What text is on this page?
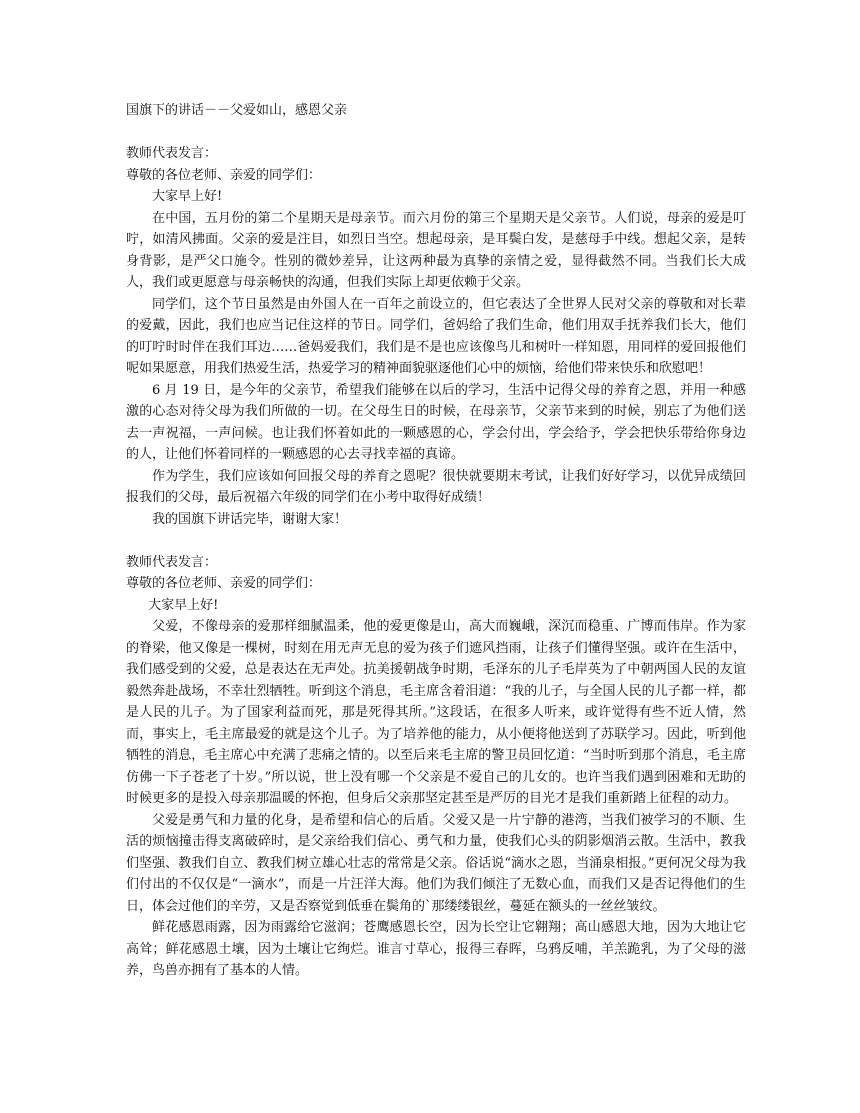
国旗下的讲话－－父爱如山，感恩父亲
教师代表发言：
尊敬的各位老师、亲爱的同学们：

大家早上好!

在中国，五月份的第二个星期天是母亲节。而六月份的第三个星期天是父亲节。人们说，母亲的爱是叮咛，如清风拂面。父亲的爱是注目，如烈日当空。想起母亲，是耳鬓白发，是慈母手中线。想起父亲，是转身背影，是严父口施令。性别的微妙差异，让这两种最为真挚的亲情之爱，显得截然不同。当我们长大成人，我们或更愿意与母亲畅快的沟通，但我们实际上却更依赖于父亲。

同学们，这个节日虽然是由外国人在一百年之前设立的，但它表达了全世界人民对父亲的尊敬和对长辈的爱戴，因此，我们也应当记住这样的节日。同学们，爸妈给了我们生命，他们用双手抚养我们长大，他们的叮咛时时伴在我们耳边……爸妈爱我们，我们是不是也应该像鸟儿和树叶一样知恩，用同样的爱回报他们呢如果愿意，用我们热爱生活，热爱学习的精神面貌驱逐他们心中的烦恼，给他们带来快乐和欣慰吧！

6 月 19 日，是今年的父亲节，希望我们能够在以后的学习，生活中记得父母的养育之恩，并用一种感激的心态对待父母为我们所做的一切。在父母生日的时候，在母亲节，父亲节来到的时候，别忘了为他们送去一声祝福，一声问候。也让我们怀着如此的一颗感恩的心，学会付出，学会给予，学会把快乐带给你身边的人，让他们怀着同样的一颗感恩的心去寻找幸福的真谛。

作为学生，我们应该如何回报父母的养育之恩呢？很快就要期末考试，让我们好好学习，以优异成绩回报我们的父母，最后祝福六年级的同学们在小考中取得好成绩！

我的国旗下讲话完毕，谢谢大家！

教师代表发言：
尊敬的各位老师、亲爱的同学们：

大家早上好!

父爱，不像母亲的爱那样细腻温柔，他的爱更像是山，高大而巍峨，深沉而稳重、广博而伟岸。作为家的脊梁，他又像是一棵树，时刻在用无声无息的爱为孩子们遮风挡雨，让孩子们懂得坚强。或许在生活中，我们感受到的父爱，总是表达在无声处。抗美援朝战争时期，毛泽东的儿子毛岸英为了中朝两国人民的友谊毅然奔赴战场，不幸壮烈牺牲。听到这个消息，毛主席含着泪道：“我的儿子，与全国人民的儿子都一样，都是人民的儿子。为了国家利益而死，那是死得其所。”这段话，在很多人听来，或许觉得有些不近人情，然而，事实上，毛主席最爱的就是这个儿子。为了培养他的能力，从小便将他送到了苏联学习。因此，听到他牺牲的消息，毛主席心中充满了悲痛之情的。以至后来毛主席的警卫员回忆道：“当时听到那个消息，毛主席仿佛一下子苍老了十岁。”所以说，世上没有哪一个父亲是不爱自己的儿女的。也许当我们遇到困难和无助的时候更多的是投入母亲那温暖的怀抱，但身后父亲那坚定甚至是严厉的目光才是我们重新踏上征程的动力。

父爱是勇气和力量的化身，是希望和信心的后盾。父爱又是一片宁静的港湾，当我们被学习的不顺、生活的烦恼撞击得支离破碎时，是父亲给我们信心、勇气和力量，使我们心头的阴影烟消云散。生活中，教我们坚强、教我们自立、教我们树立雄心壮志的常常是父亲。俗话说“滴水之恩，当涌泉相报。”更何况父母为我们付出的不仅仅是“一滴水”，而是一片汪洋大海。他们为我们倾注了无数心血，而我们又是否记得他们的生日，体会过他们的辛劳，又是否察觉到低垂在鬓角的`那缕缕银丝，蔓延在额头的一丝丝皱纹。

鲜花感恩雨露，因为雨露给它滋润；苍鹰感恩长空，因为长空让它翱翔；高山感恩大地，因为大地让它高耸；鲜花感恩土壤，因为土壤让它绚烂。谁言寸草心，报得三春晖，乌鸦反哺，羊羔跪乳，为了父母的滋养，鸟兽亦拥有了基本的人情。
